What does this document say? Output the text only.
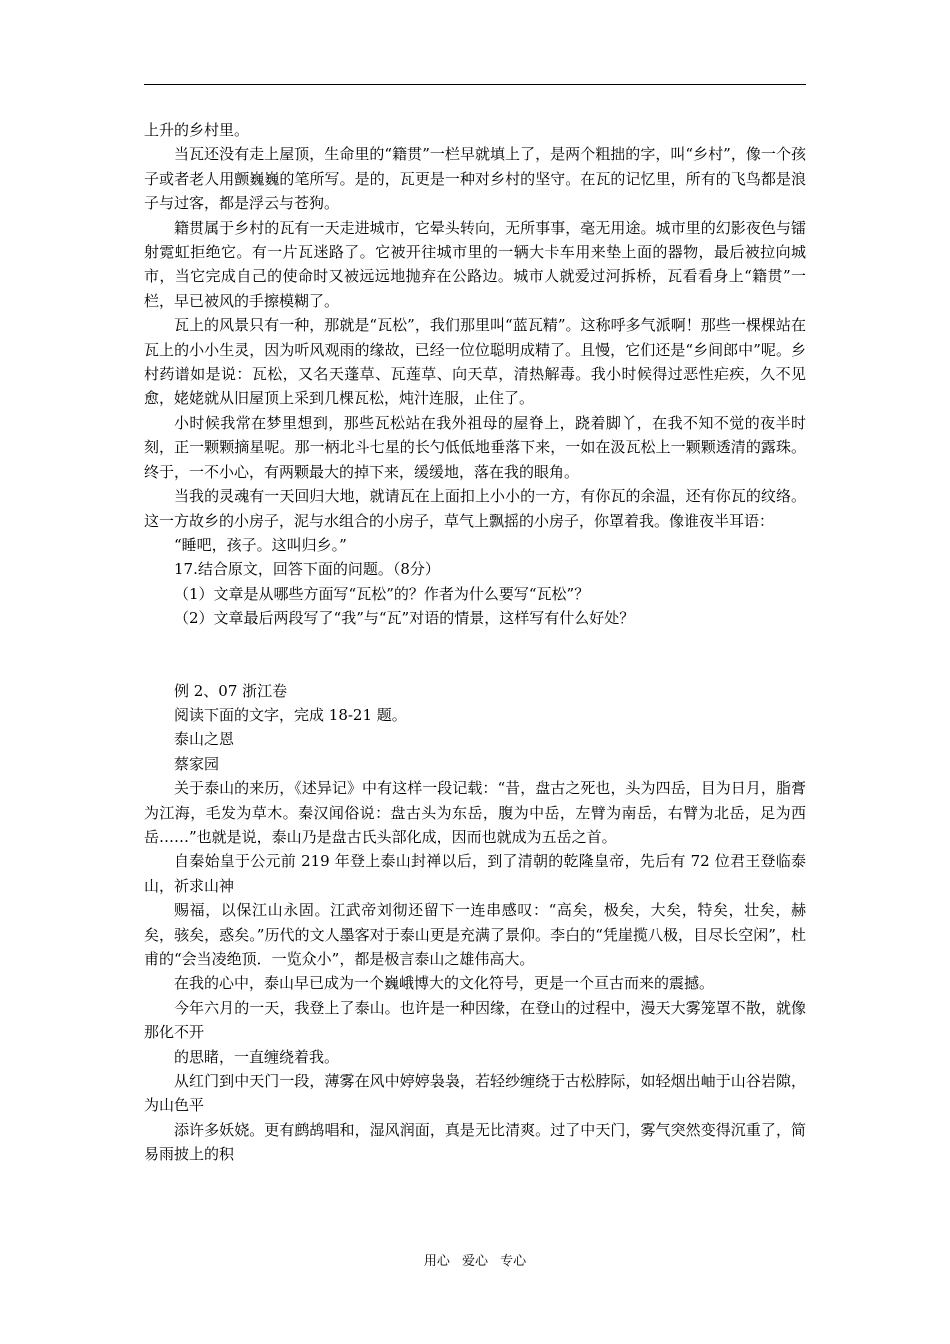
上升的乡村里。

当瓦还没有走上屋顶，生命里的“籍贯”一栏早就填上了，是两个粗拙的字，叫“乡村”，像一个孩子或者老人用颤巍巍的笔所写。是的，瓦更是一种对乡村的坚守。在瓦的记忆里，所有的飞鸟都是浪子与过客，都是浮云与苍狗。

籍贯属于乡村的瓦有一天走进城市，它晕头转向，无所事事，毫无用途。城市里的幻影夜色与镭射霓虹拒绝它。有一片瓦迷路了。它被开往城市里的一辆大卡车用来垫上面的器物，最后被拉向城市，当它完成自己的使命时又被远远地抛弃在公路边。城市人就爱过河拆桥，瓦看看身上“籍贯”一栏，早已被风的手擦模糊了。

瓦上的风景只有一种，那就是“瓦松”，我们那里叫“蓝瓦精”。这称呼多气派啊！那些一棵棵站在瓦上的小小生灵，因为听风观雨的缘故，已经一位位聪明成精了。且慢，它们还是“乡间郎中”呢。乡村药谱如是说：瓦松，又名天蓬草、瓦莲草、向天草，清热解毒。我小时候得过恶性疟疾，久不见愈，姥姥就从旧屋顶上采到几棵瓦松，炖汁连服，止住了。

小时候我常在梦里想到，那些瓦松站在我外祖母的屋脊上，跷着脚丫，在我不知不觉的夜半时刻，正一颗颗摘星呢。那一柄北斗七星的长勺低低地垂落下来，一如在汲瓦松上一颗颗透清的露珠。终于，一不小心，有两颗最大的掉下来，缓缓地，落在我的眼角。

当我的灵魂有一天回归大地，就请瓦在上面扣上小小的一方，有你瓦的余温，还有你瓦的纹络。这一方故乡的小房子，泥与水组合的小房子，草气上飘摇的小房子，你罩着我。像谁夜半耳语：

“睡吧，孩子。这叫归乡。”

17.结合原文，回答下面的问题。（8分）

（1）文章是从哪些方面写“瓦松”的？作者为什么要写“瓦松”？

（2）文章最后两段写了“我”与“瓦”对语的情景，这样写有什么好处？

例 2、07 浙江卷

阅读下面的文字，完成 18-21 题。

泰山之恩

蔡家园

关于泰山的来历，《述异记》中有这样一段记载：“昔，盘古之死也，头为四岳，目为日月，脂膏为江海，毛发为草木。秦汉闻俗说：盘古头为东岳，腹为中岳，左臂为南岳，右臂为北岳，足为西岳……”也就是说，泰山乃是盘古氏头部化成，因而也就成为五岳之首。

自秦始皇于公元前 219 年登上泰山封禅以后，到了清朝的乾隆皇帝，先后有 72 位君王登临泰山，祈求山神

赐福，以保江山永固。江武帝刘彻还留下一连串感叹：“高矣，极矣，大矣，特矣，壮矣，赫矣，骇矣，惑矣。”历代的文人墨客对于泰山更是充满了景仰。李白的“凭崖揽八极，目尽长空闲”，杜甫的“会当凌绝顶．一览众小”，都是极言泰山之雄伟高大。

在我的心中，泰山早已成为一个巍峨博大的文化符号，更是一个亘古而来的震撼。

今年六月的一天，我登上了泰山。也许是一种因缘，在登山的过程中，漫天大雾笼罩不散，就像那化不开

的思睹，一直缠绕着我。

从红门到中天门一段，薄雾在风中婷婷袅袅，若轻纱缠绕于古松脖际，如轻烟出岫于山谷岩隙，为山色平

添许多妖娆。更有鹧鸪唱和，湿风润面，真是无比清爽。过了中天门，雾气突然变得沉重了，简易雨披上的积

用心 爱心 专心
